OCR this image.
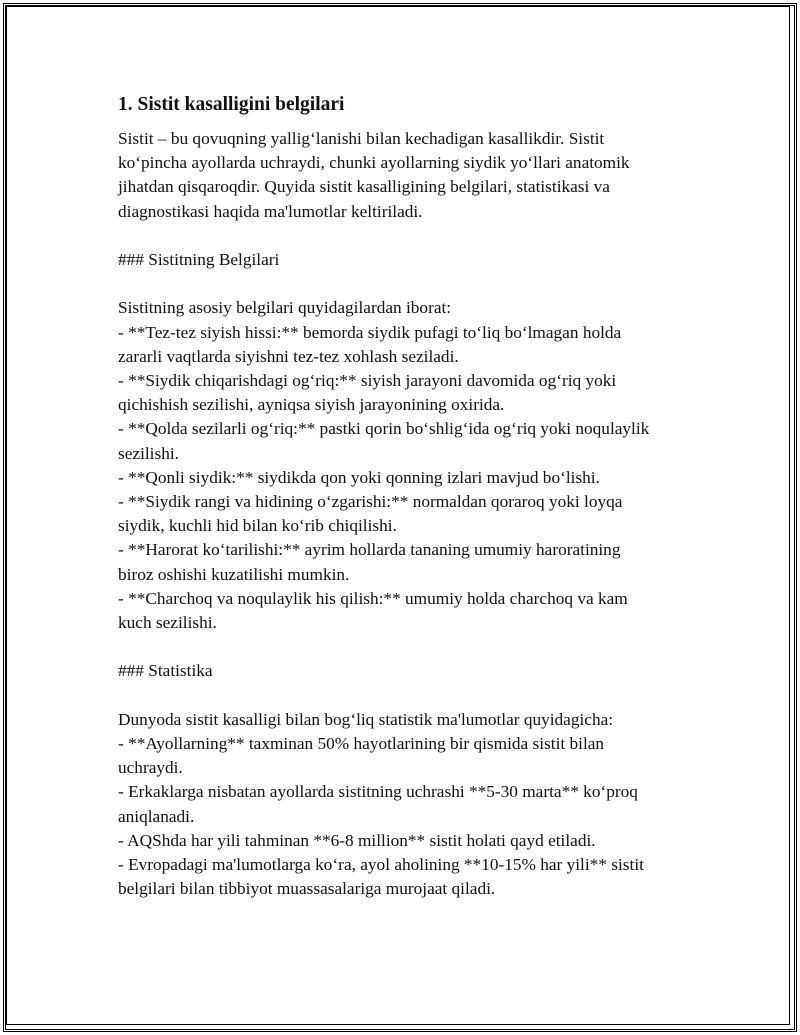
1. Sistit kasalligini belgilari

Sistit – bu qovuqning yallig‘lanishi bilan kechadigan kasallikdir. Sistit
ko‘pincha ayollarda uchraydi, chunki ayollarning siydik yo‘llari anatomik
jihatdan qisqaroqdir. Quyida sistit kasalligining belgilari, statistikasi va
diagnostikasi haqida ma'lumotlar keltiriladi.

### Sistitning Belgilari

Sistitning asosiy belgilari quyidagilardan iborat:
- **Tez-tez siyish hissi:** bemorda siydik pufagi to‘liq bo‘lmagan holda
zararli vaqtlarda siyishni tez-tez xohlash seziladi.
- **Siydik chiqarishdagi og‘riq:** siyish jarayoni davomida og‘riq yoki
qichishish sezilishi, ayniqsa siyish jarayonining oxirida.
- **Qolda sezilarli og‘riq:** pastki qorin bo‘shlig‘ida og‘riq yoki noqulaylik
sezilishi.
- **Qonli siydik:** siydikda qon yoki qonning izlari mavjud bo‘lishi.
- **Siydik rangi va hidining o‘zgarishi:** normaldan qoraroq yoki loyqa
siydik, kuchli hid bilan ko‘rib chiqilishi.
- **Harorat ko‘tarilishi:** ayrim hollarda tananing umumiy haroratining
biroz oshishi kuzatilishi mumkin.
- **Charchoq va noqulaylik his qilish:** umumiy holda charchoq va kam
kuch sezilishi.

### Statistika

Dunyoda sistit kasalligi bilan bog‘liq statistik ma'lumotlar quyidagicha:
- **Ayollarning** taxminan 50% hayotlarining bir qismida sistit bilan
uchraydi.
- Erkaklarga nisbatan ayollarda sistitning uchrashi **5-30 marta** ko‘proq
aniqlanadi.
- AQShda har yili tahminan **6-8 million** sistit holati qayd etiladi.
- Evropadagi ma'lumotlarga ko‘ra, ayol aholining **10-15% har yili** sistit
belgilari bilan tibbiyot muassasalariga murojaat qiladi.
